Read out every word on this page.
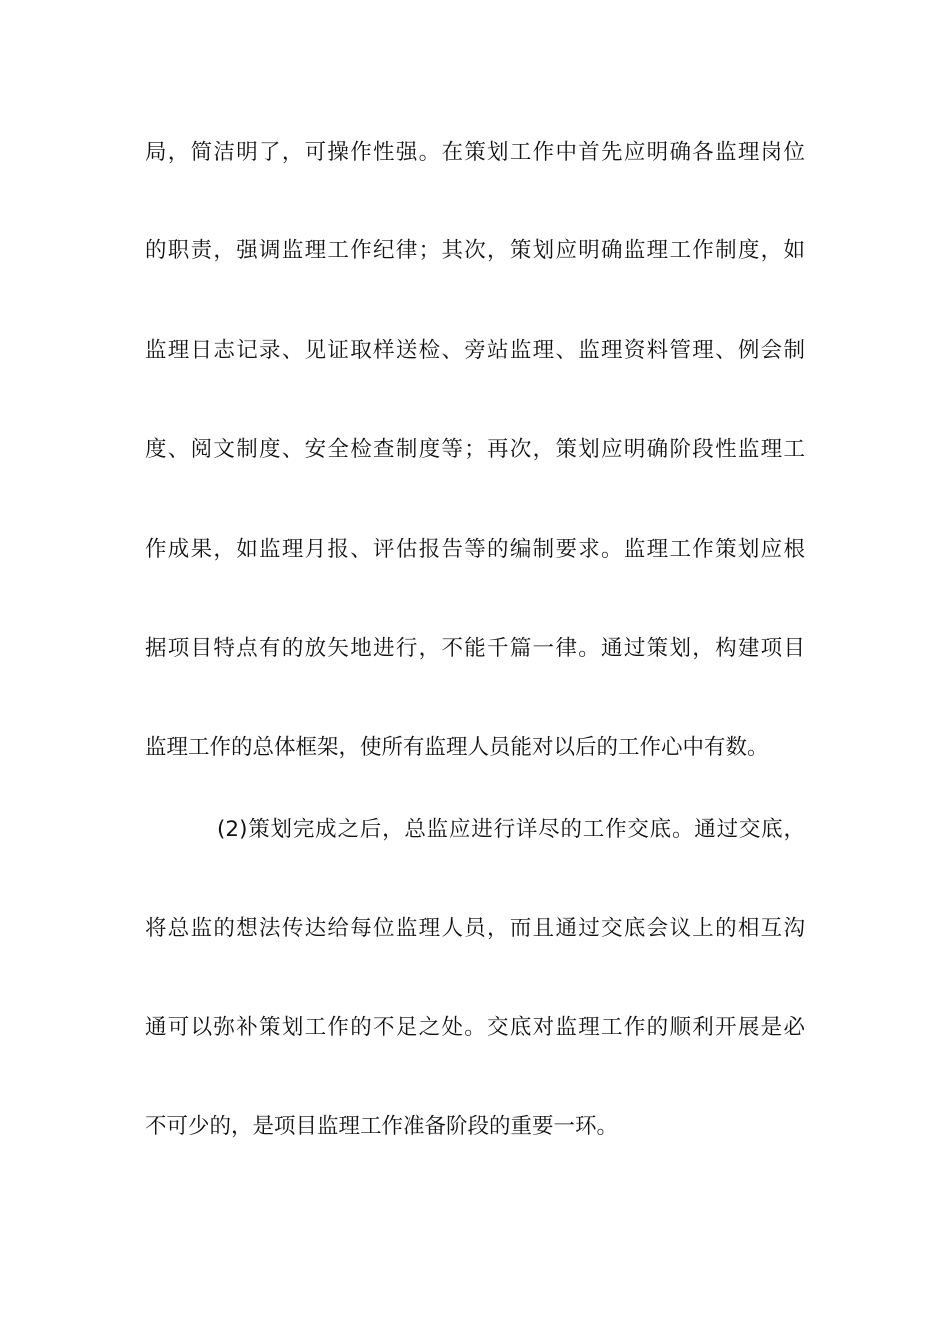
局，简洁明了，可操作性强。在策划工作中首先应明确各监理岗位
的职责，强调监理工作纪律；其次，策划应明确监理工作制度，如
监理日志记录、见证取样送检、旁站监理、监理资料管理、例会制
度、阅文制度、安全检查制度等；再次，策划应明确阶段性监理工
作成果，如监理月报、评估报告等的编制要求。监理工作策划应根
据项目特点有的放矢地进行，不能千篇一律。通过策划，构建项目
监理工作的总体框架，使所有监理人员能对以后的工作心中有数。
(2)策划完成之后，总监应进行详尽的工作交底。通过交底，
将总监的想法传达给每位监理人员，而且通过交底会议上的相互沟
通可以弥补策划工作的不足之处。交底对监理工作的顺利开展是必
不可少的，是项目监理工作准备阶段的重要一环。
